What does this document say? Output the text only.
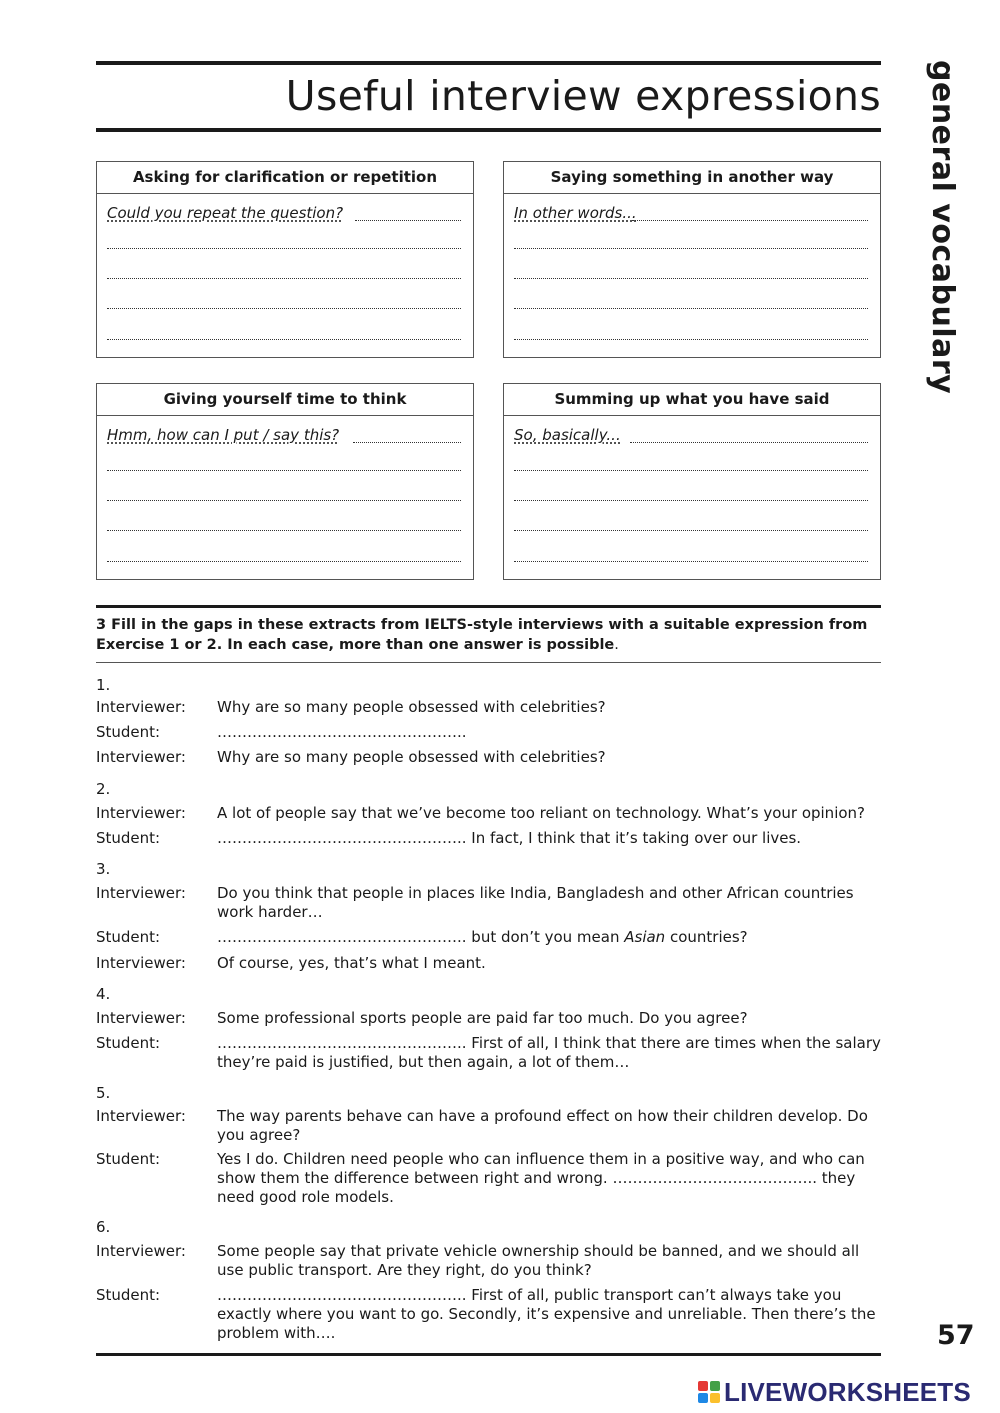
Useful interview expressions general vocabulary
Asking for clarification or repetition
Could you repeat the question?
Saying something in another way
In other words...
Giving yourself time to think
Hmm, how can I put / say this?
Summing up what you have said
So, basically...
3 Fill in the gaps in these extracts from IELTS-style interviews with a suitable expression from Exercise 1 or 2. In each case, more than one answer is possible.
1.
Interviewer: Why are so many people obsessed with celebrities?
Student:	…………………………………………..
Interviewer: Why are so many people obsessed with celebrities?
2.
Interviewer: A lot of people say that we’ve become too reliant on technology. What’s your opinion?
Student:	………………………………………….. In fact, I think that it’s taking over our lives.
3.
Interviewer: Do you think that people in places like India, Bangladesh and other African countries work harder…
Student:	………………………………………….. but don’t you mean Asian countries?
Interviewer: Of course, yes, that’s what I meant.
4.
Interviewer: Some professional sports people are paid far too much. Do you agree?
Student:	………………………………………….. First of all, I think that there are times when the salary they’re paid is justified, but then again, a lot of them…
5.
Interviewer: The way parents behave can have a profound effect on how their children develop. Do you agree?
Student:	Yes I do. Children need people who can influence them in a positive way, and who can show them the difference between right and wrong. ………………………………….. they need good role models.
6.
Interviewer: Some people say that private vehicle ownership should be banned, and we should all use public transport. Are they right, do you think?
Student:	………………………………………….. First of all, public transport can’t always take you exactly where you want to go. Secondly, it’s expensive and unreliable. Then there’s the problem with….	57
LIVEWORKSHEETS
